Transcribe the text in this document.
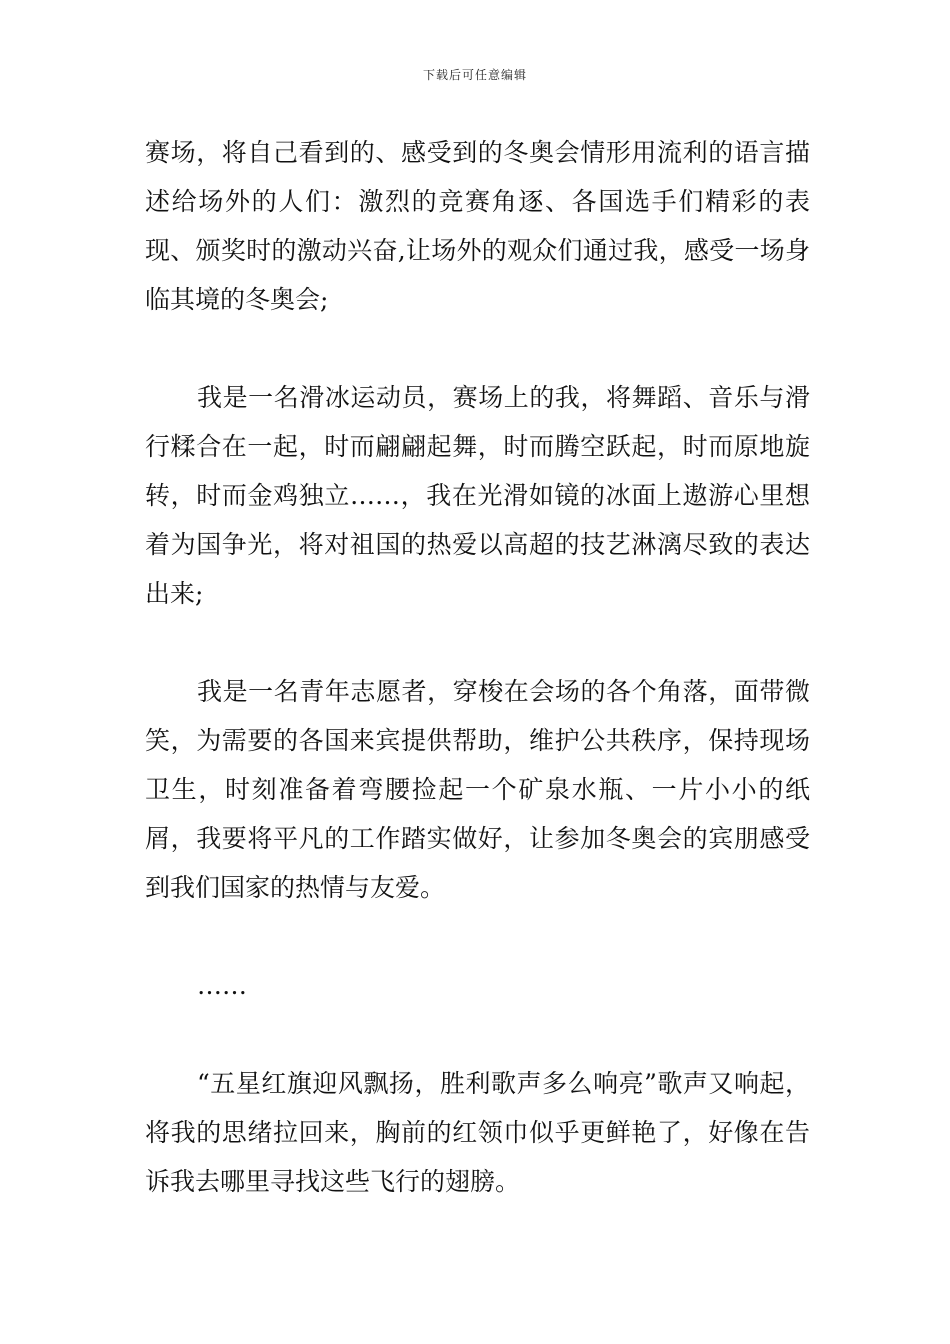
下载后可任意编辑

赛场，将自己看到的、感受到的冬奥会情形用流利的语言描述给场外的人们：激烈的竞赛角逐、各国选手们精彩的表现、颁奖时的激动兴奋,让场外的观众们通过我，感受一场身临其境的冬奥会;

我是一名滑冰运动员，赛场上的我，将舞蹈、音乐与滑行糅合在一起，时而翩翩起舞，时而腾空跃起，时而原地旋转，时而金鸡独立……，我在光滑如镜的冰面上遨游心里想着为国争光，将对祖国的热爱以高超的技艺淋漓尽致的表达出来;

我是一名青年志愿者，穿梭在会场的各个角落，面带微笑，为需要的各国来宾提供帮助，维护公共秩序，保持现场卫生，时刻准备着弯腰捡起一个矿泉水瓶、一片小小的纸屑，我要将平凡的工作踏实做好，让参加冬奥会的宾朋感受到我们国家的热情与友爱。

……

“五星红旗迎风飘扬，胜利歌声多么响亮”歌声又响起，将我的思绪拉回来，胸前的红领巾似乎更鲜艳了，好像在告诉我去哪里寻找这些飞行的翅膀。
